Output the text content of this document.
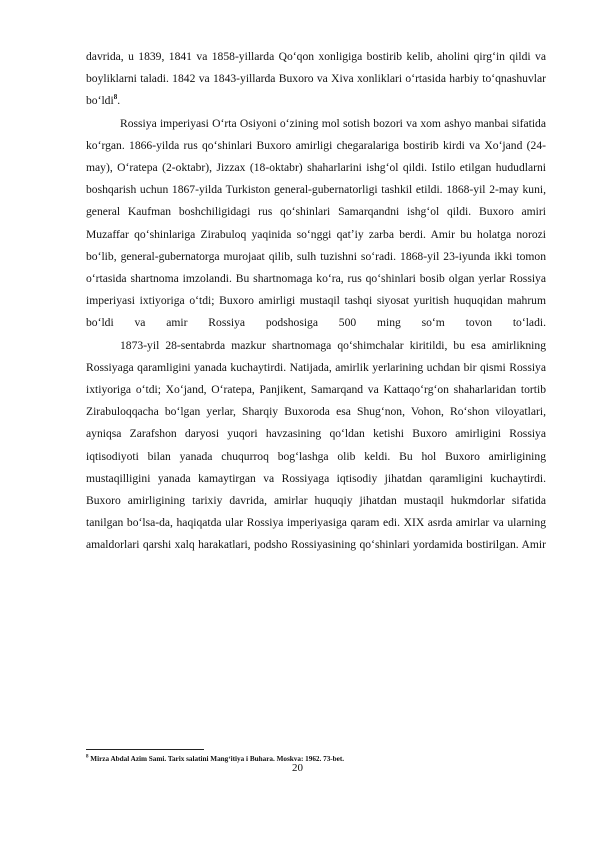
davrida, u 1839, 1841 va 1858-yillarda Qoʻqon xonligiga bostirib kelib, aholini qirgʻin qildi va boyliklarni taladi. 1842 va 1843-yillarda Buxoro va Xiva xonliklari oʻrtasida harbiy toʻqnashuvlar boʻldi$^8$.

Rossiya imperiyasi Oʻrta Osiyoni oʻzining mol sotish bozori va xom ashyo manbai sifatida koʻrgan. 1866-yilda rus qoʻshinlari Buxoro amirligi chegaralariga bostirib kirdi va Xoʻjand (24-may), Oʻratepa (2-oktabr), Jizzax (18-oktabr) shaharlarini ishgʻol qildi. Istilo etilgan hududlarni boshqarish uchun 1867-yilda Turkiston general-gubernatorligi tashkil etildi. 1868-yil 2-may kuni, general Kaufman boshchiligidagi rus qoʻshinlari Samarqandni ishgʻol qildi. Buxoro amiri Muzaffar qoʻshinlariga Zirabuloq yaqinida soʻnggi qatʼiy zarba berdi. Amir bu holatga norozi boʻlib, general-gubernatorga murojaat qilib, sulh tuzishni soʻradi. 1868-yil 23-iyunda ikki tomon oʻrtasida shartnoma imzolandi. Bu shartnomaga koʻra, rus qoʻshinlari bosib olgan yerlar Rossiya imperiyasi ixtiyoriga oʻtdi; Buxoro amirligi mustaqil tashqi siyosat yuritish huquqidan mahrum boʻldi va amir Rossiya podshosiga 500 ming soʻm tovon toʻladi.

1873-yil 28-sentabrda mazkur shartnomaga qoʻshimchalar kiritildi, bu esa amirlikning Rossiyaga qaramligini yanada kuchaytirdi. Natijada, amirlik yerlarining uchdan bir qismi Rossiya ixtiyoriga oʻtdi; Xoʻjand, Oʻratepa, Panjikent, Samarqand va Kattaqoʻrgʻon shaharlaridan tortib Zirabuloqqacha boʻlgan yerlar, Sharqiy Buxoroda esa Shugʻnon, Vohon, Roʻshon viloyatlari, ayniqsa Zarafshon daryosi yuqori havzasining qoʻldan ketishi Buxoro amirligini Rossiya iqtisodiyoti bilan yanada chuqurroq bogʻlashga olib keldi. Bu hol Buxoro amirligining mustaqilligini yanada kamaytirgan va Rossiyaga iqtisodiy jihatdan qaramligini kuchaytirdi. Buxoro amirligining tarixiy davrida, amirlar huquqiy jihatdan mustaqil hukmdorlar sifatida tanilgan boʻlsa-da, haqiqatda ular Rossiya imperiyasiga qaram edi. XIX asrda amirlar va ularning amaldorlari qarshi xalq harakatlari, podsho Rossiyasining qoʻshinlari yordamida bostirilgan. Amir

$^8$ Mirza Abdal Azim Sami. Tarix salatini Mangʻitiya i Buhara. Moskva: 1962. 73-bet.
20
